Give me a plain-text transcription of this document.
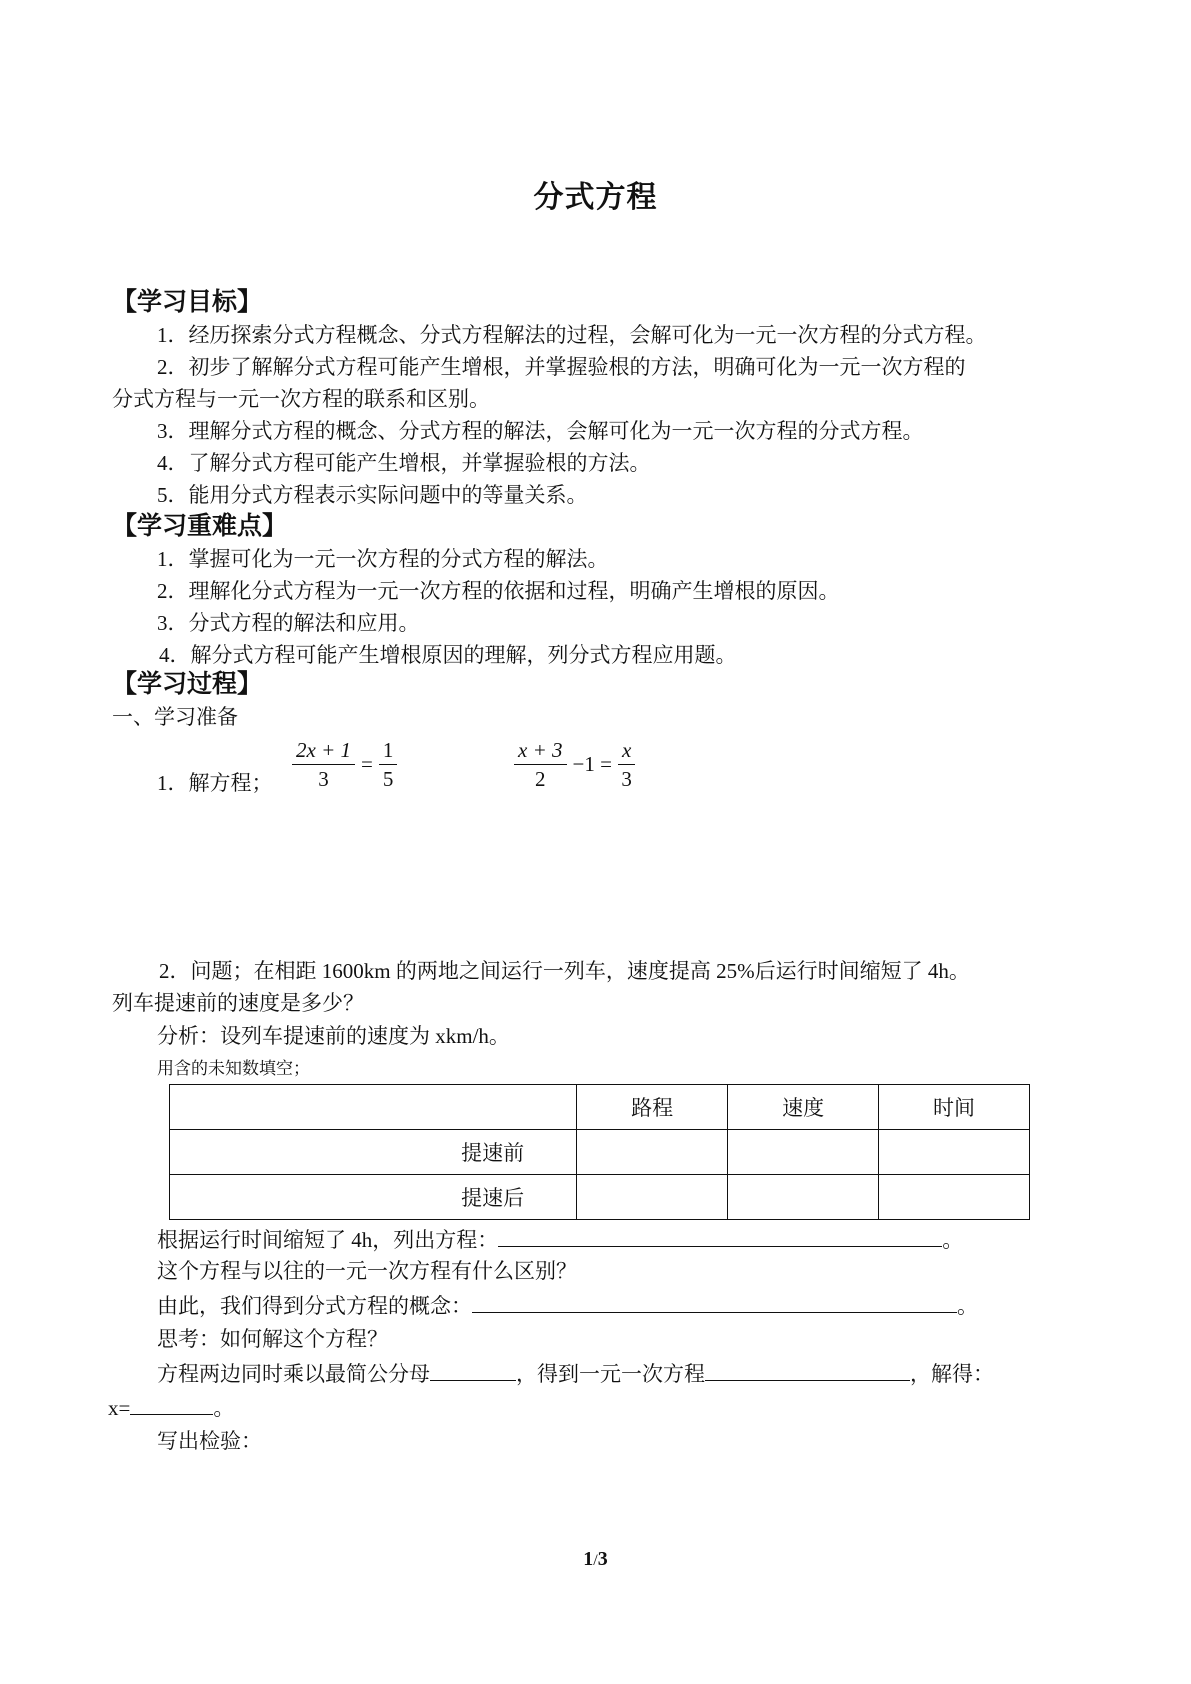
分式方程
【学习目标】
1．经历探索分式方程概念、分式方程解法的过程，会解可化为一元一次方程的分式方程。
2．初步了解解分式方程可能产生增根，并掌握验根的方法，明确可化为一元一次方程的
分式方程与一元一次方程的联系和区别。
3．理解分式方程的概念、分式方程的解法，会解可化为一元一次方程的分式方程。
4．了解分式方程可能产生增根，并掌握验根的方法。
5．能用分式方程表示实际问题中的等量关系。
【学习重难点】
1．掌握可化为一元一次方程的分式方程的解法。
2．理解化分式方程为一元一次方程的依据和过程，明确产生增根的原因。
3．分式方程的解法和应用。
4．解分式方程可能产生增根原因的理解，列分式方程应用题。
【学习过程】
一、学习准备
1．解方程； $\frac{2x + 1}{3} = \frac{1}{5}$	$\frac{x + 3}{2} -1 = \frac{x}{3}$
2．问题；在相距 1600km 的两地之间运行一列车，速度提高 25%后运行时间缩短了 4h。
列车提速前的速度是多少？
分析：设列车提速前的速度为 xkm/h。
用含的未知数填空；
	路程	速度	时间
提速前			
提速后			
根据运行时间缩短了 4h，列出方程：	。
这个方程与以往的一元一次方程有什么区别？
由此，我们得到分式方程的概念：	。
思考：如何解这个方程？
方程两边同时乘以最简公分母	，得到一元一次方程	，解得：
x=	。
写出检验：
1/3
